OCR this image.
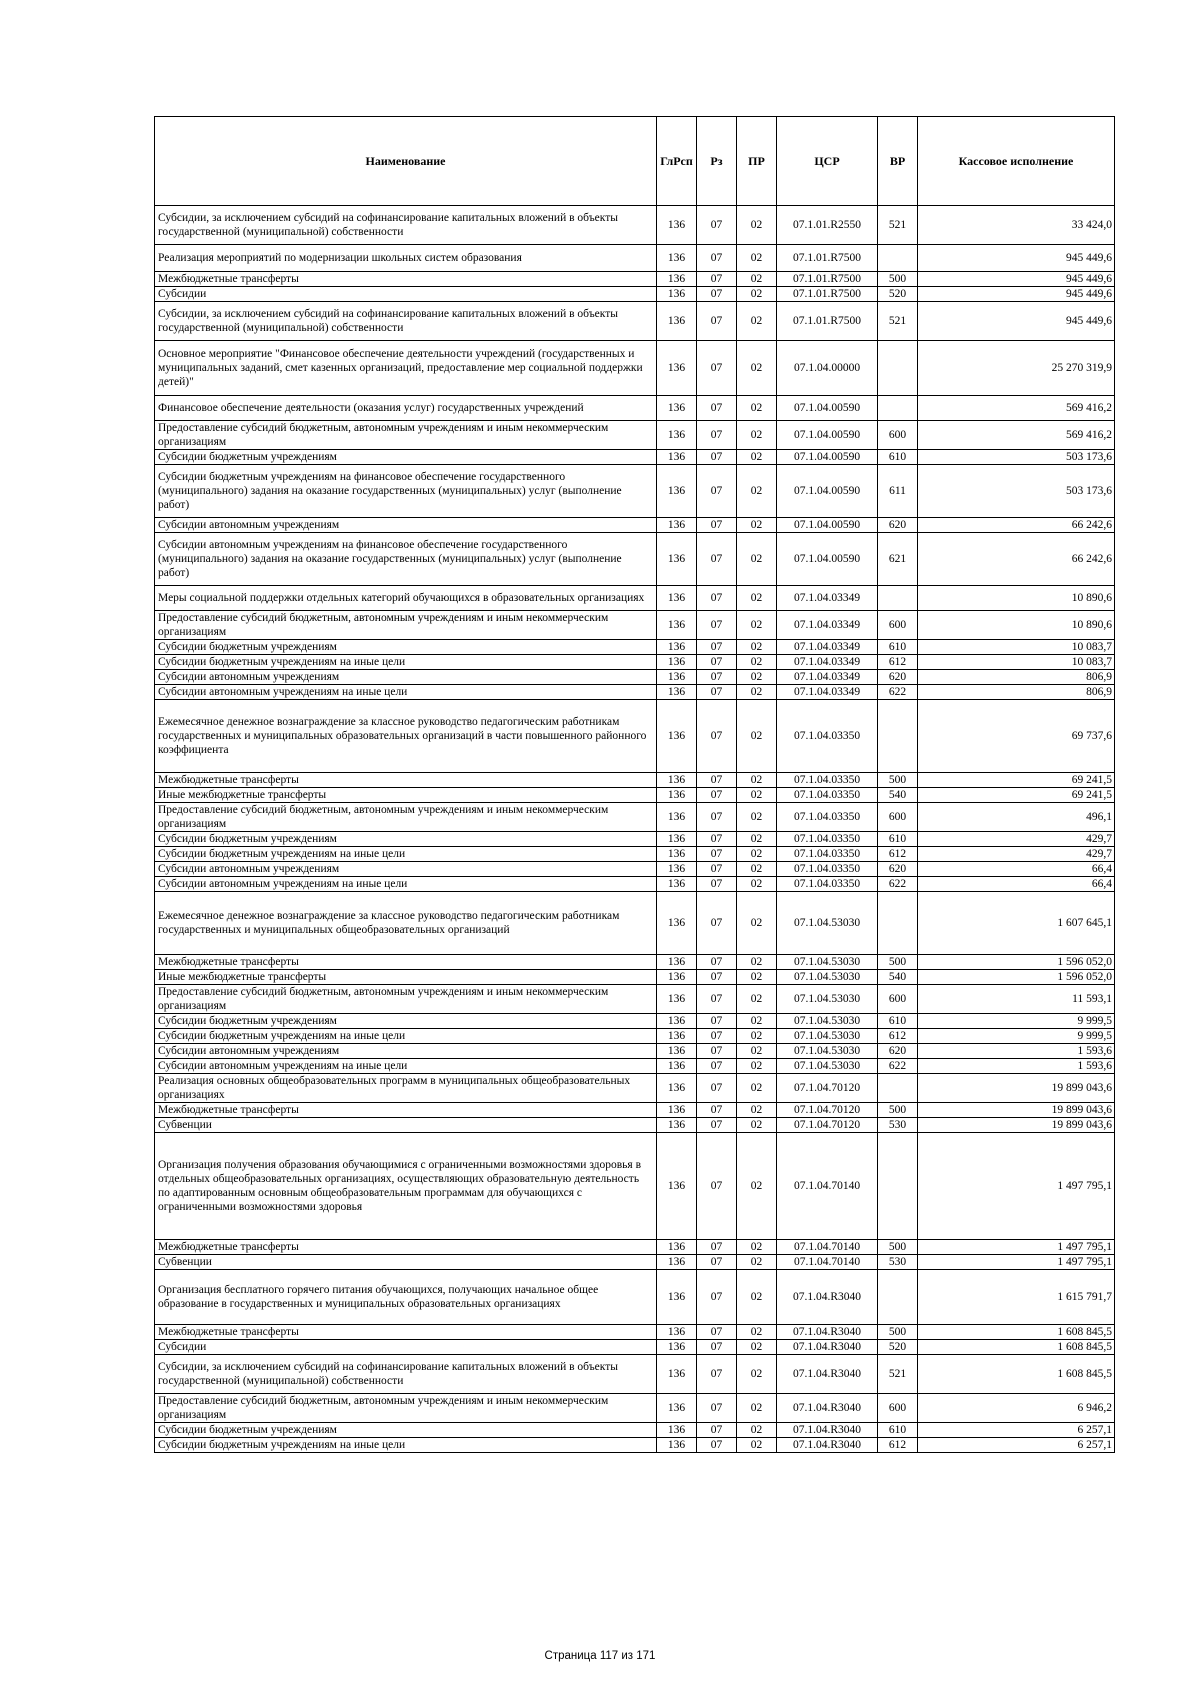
Наименование	ГлРсп	Рз	ПР	ЦСР	ВР	Кассовое исполнение
Субсидии, за исключением субсидий на софинансирование капитальных вложений в объекты государственной (муниципальной) собственности	136	07	02	07.1.01.R2550	521	33 424,0
Реализация мероприятий по модернизации школьных систем образования	136	07	02	07.1.01.R7500		945 449,6
Межбюджетные трансферты	136	07	02	07.1.01.R7500	500	945 449,6
Субсидии	136	07	02	07.1.01.R7500	520	945 449,6
Субсидии, за исключением субсидий на софинансирование капитальных вложений в объекты государственной (муниципальной) собственности	136	07	02	07.1.01.R7500	521	945 449,6
Основное мероприятие "Финансовое обеспечение деятельности учреждений (государственных и муниципальных заданий, смет казенных организаций, предоставление мер социальной поддержки детей)"	136	07	02	07.1.04.00000		25 270 319,9
Финансовое обеспечение деятельности (оказания услуг) государственных учреждений	136	07	02	07.1.04.00590		569 416,2
Предоставление субсидий бюджетным, автономным учреждениям и иным некоммерческим организациям	136	07	02	07.1.04.00590	600	569 416,2
Субсидии бюджетным учреждениям	136	07	02	07.1.04.00590	610	503 173,6
Субсидии бюджетным учреждениям на финансовое обеспечение государственного (муниципального) задания на оказание государственных (муниципальных) услуг (выполнение работ)	136	07	02	07.1.04.00590	611	503 173,6
Субсидии автономным учреждениям	136	07	02	07.1.04.00590	620	66 242,6
Субсидии автономным учреждениям на финансовое обеспечение государственного (муниципального) задания на оказание государственных (муниципальных) услуг (выполнение работ)	136	07	02	07.1.04.00590	621	66 242,6
Меры социальной поддержки отдельных категорий обучающихся в образовательных организациях	136	07	02	07.1.04.03349		10 890,6
Предоставление субсидий бюджетным, автономным учреждениям и иным некоммерческим организациям	136	07	02	07.1.04.03349	600	10 890,6
Субсидии бюджетным учреждениям	136	07	02	07.1.04.03349	610	10 083,7
Субсидии бюджетным учреждениям на иные цели	136	07	02	07.1.04.03349	612	10 083,7
Субсидии автономным учреждениям	136	07	02	07.1.04.03349	620	806,9
Субсидии автономным учреждениям на иные цели	136	07	02	07.1.04.03349	622	806,9
Ежемесячное денежное вознаграждение за классное руководство педагогическим работникам государственных и муниципальных образовательных организаций в части повышенного районного коэффициента	136	07	02	07.1.04.03350		69 737,6
Межбюджетные трансферты	136	07	02	07.1.04.03350	500	69 241,5
Иные межбюджетные трансферты	136	07	02	07.1.04.03350	540	69 241,5
Предоставление субсидий бюджетным, автономным учреждениям и иным некоммерческим организациям	136	07	02	07.1.04.03350	600	496,1
Субсидии бюджетным учреждениям	136	07	02	07.1.04.03350	610	429,7
Субсидии бюджетным учреждениям на иные цели	136	07	02	07.1.04.03350	612	429,7
Субсидии автономным учреждениям	136	07	02	07.1.04.03350	620	66,4
Субсидии автономным учреждениям на иные цели	136	07	02	07.1.04.03350	622	66,4
Ежемесячное денежное вознаграждение за классное руководство педагогическим работникам государственных и муниципальных общеобразовательных организаций	136	07	02	07.1.04.53030		1 607 645,1
Межбюджетные трансферты	136	07	02	07.1.04.53030	500	1 596 052,0
Иные межбюджетные трансферты	136	07	02	07.1.04.53030	540	1 596 052,0
Предоставление субсидий бюджетным, автономным учреждениям и иным некоммерческим организациям	136	07	02	07.1.04.53030	600	11 593,1
Субсидии бюджетным учреждениям	136	07	02	07.1.04.53030	610	9 999,5
Субсидии бюджетным учреждениям на иные цели	136	07	02	07.1.04.53030	612	9 999,5
Субсидии автономным учреждениям	136	07	02	07.1.04.53030	620	1 593,6
Субсидии автономным учреждениям на иные цели	136	07	02	07.1.04.53030	622	1 593,6
Реализация основных общеобразовательных программ в муниципальных общеобразовательных организациях	136	07	02	07.1.04.70120		19 899 043,6
Межбюджетные трансферты	136	07	02	07.1.04.70120	500	19 899 043,6
Субвенции	136	07	02	07.1.04.70120	530	19 899 043,6
Организация получения образования обучающимися с ограниченными возможностями здоровья в отдельных общеобразовательных организациях, осуществляющих образовательную деятельность по адаптированным основным общеобразовательным программам для обучающихся с ограниченными возможностями здоровья	136	07	02	07.1.04.70140		1 497 795,1
Межбюджетные трансферты	136	07	02	07.1.04.70140	500	1 497 795,1
Субвенции	136	07	02	07.1.04.70140	530	1 497 795,1
Организация бесплатного горячего питания обучающихся, получающих начальное общее образование в государственных и муниципальных образовательных организациях	136	07	02	07.1.04.R3040		1 615 791,7
Межбюджетные трансферты	136	07	02	07.1.04.R3040	500	1 608 845,5
Субсидии	136	07	02	07.1.04.R3040	520	1 608 845,5
Субсидии, за исключением субсидий на софинансирование капитальных вложений в объекты государственной (муниципальной) собственности	136	07	02	07.1.04.R3040	521	1 608 845,5
Предоставление субсидий бюджетным, автономным учреждениям и иным некоммерческим организациям	136	07	02	07.1.04.R3040	600	6 946,2
Субсидии бюджетным учреждениям	136	07	02	07.1.04.R3040	610	6 257,1
Субсидии бюджетным учреждениям на иные цели	136	07	02	07.1.04.R3040	612	6 257,1
Страница 117 из 171
